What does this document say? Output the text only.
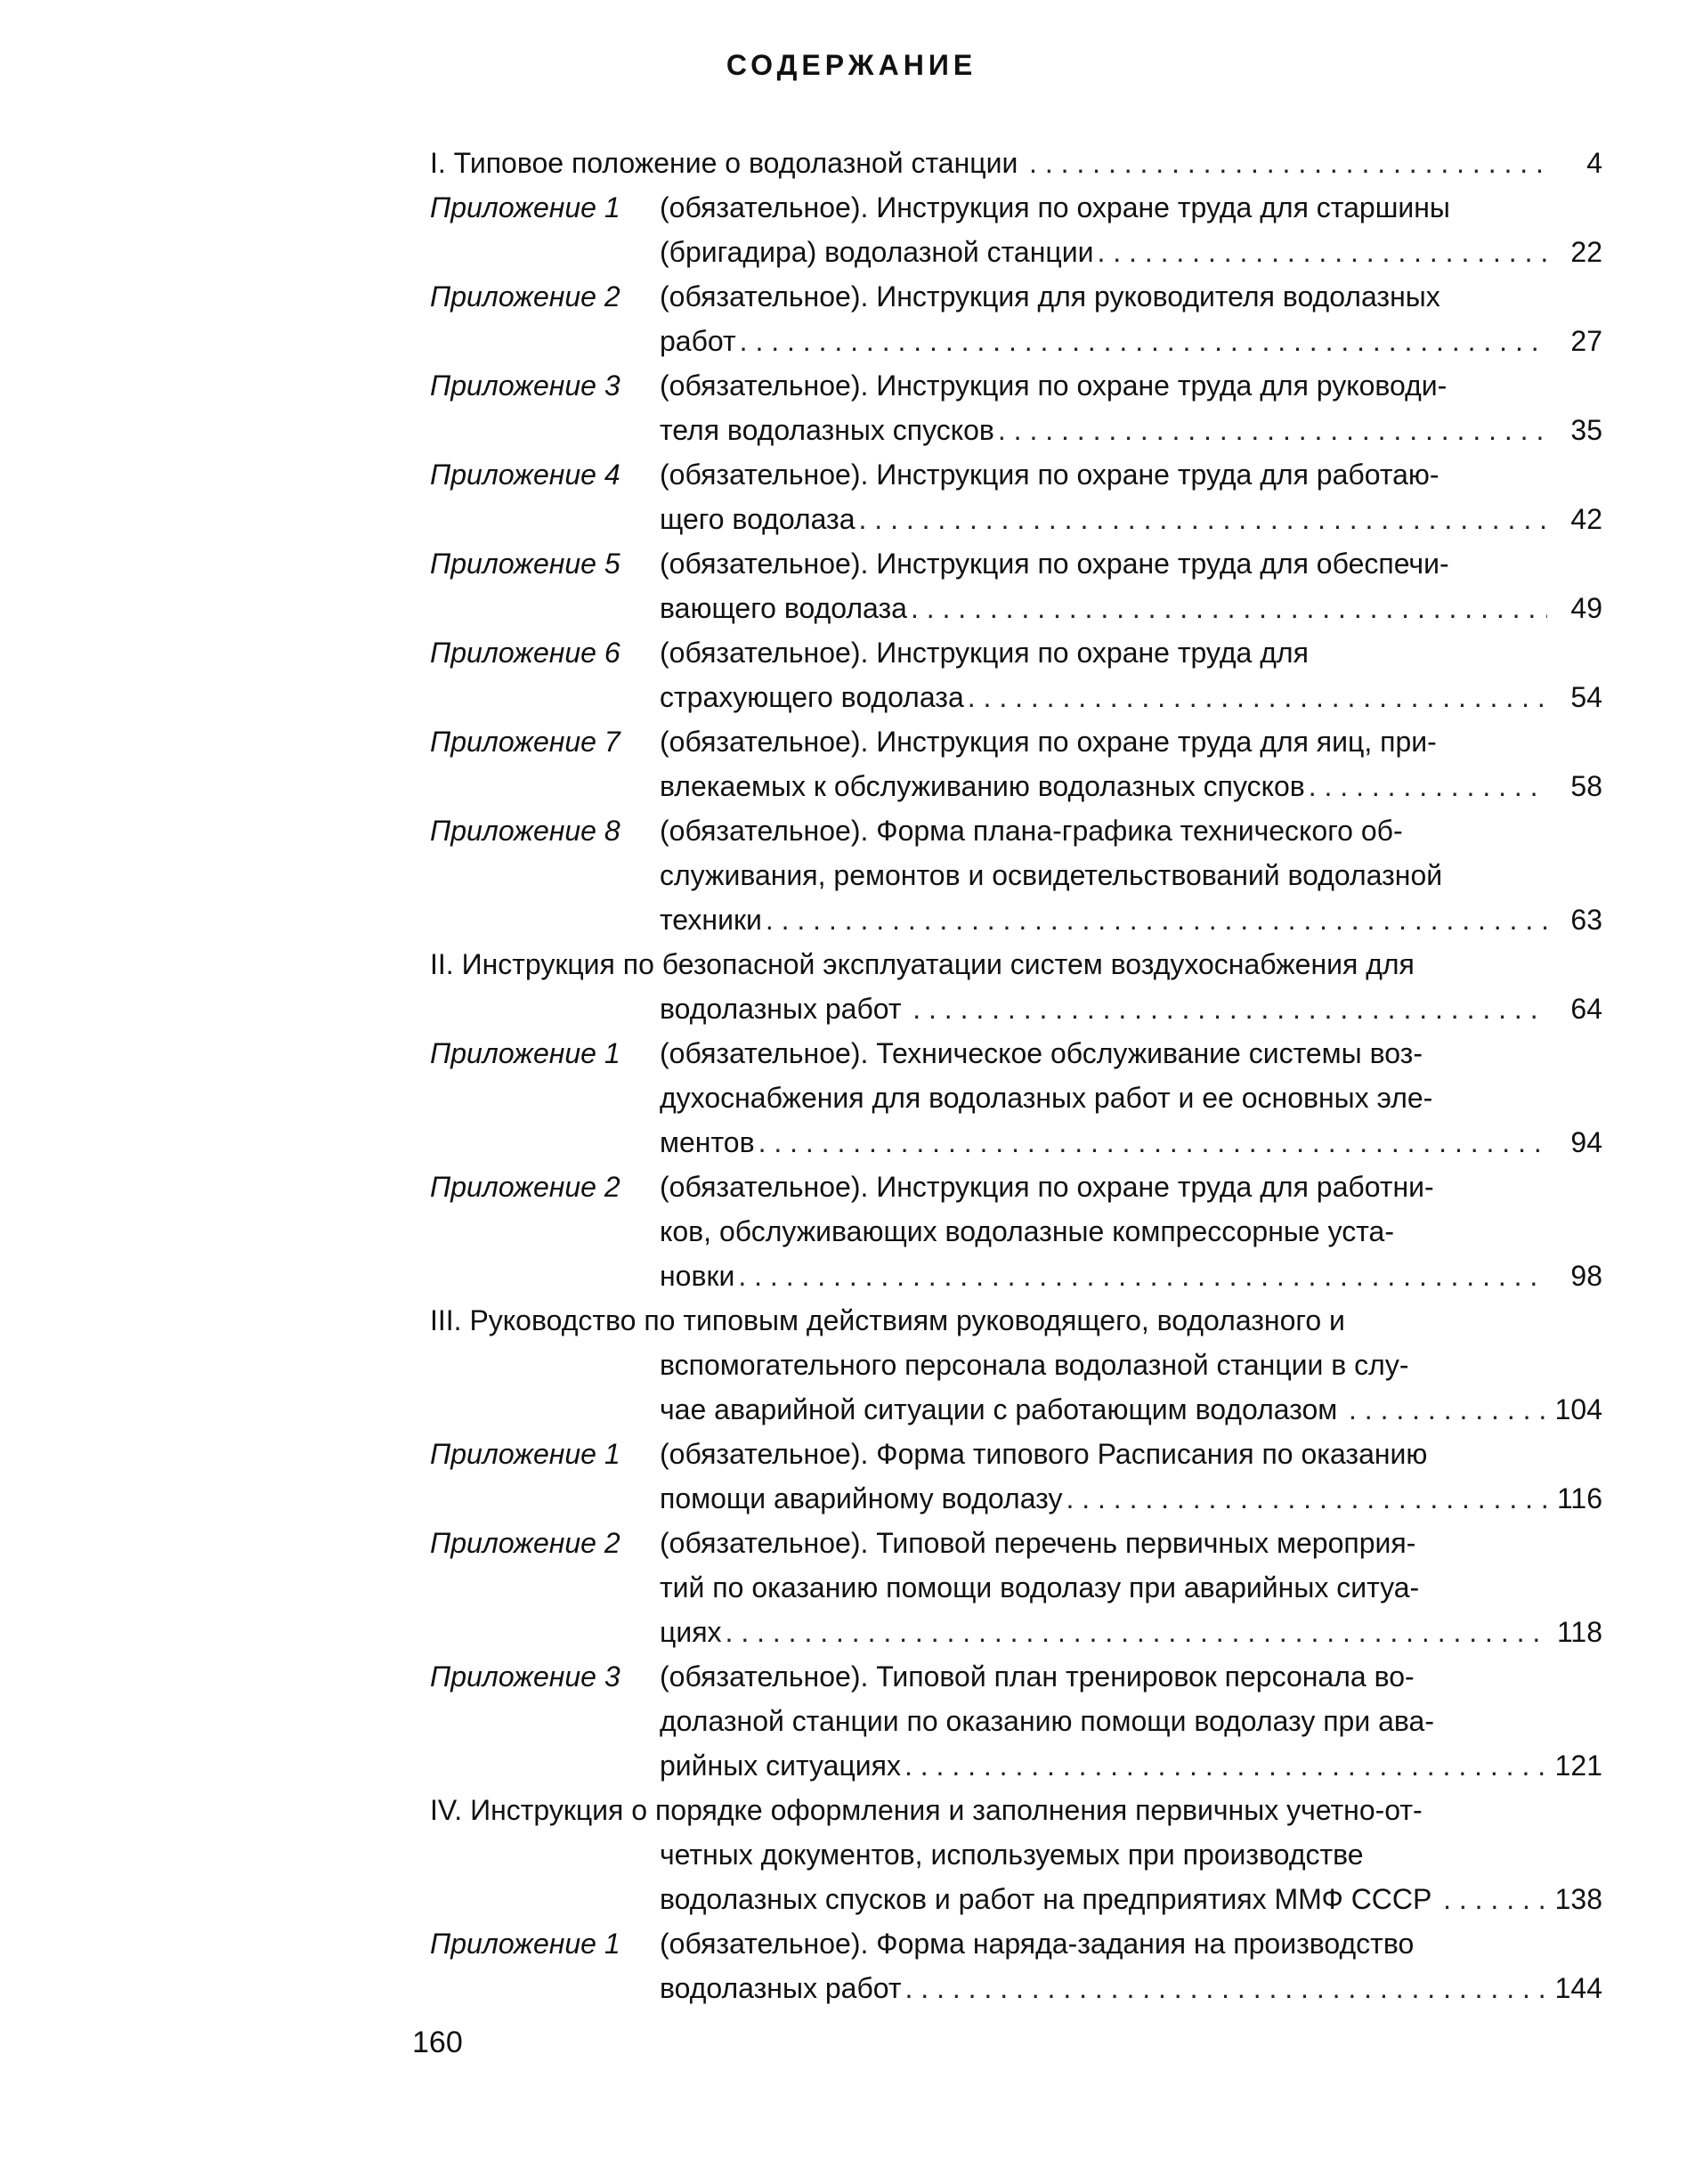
СОДЕРЖАНИЕ
I. Типовое положение о водолазной станции . . .	4
Приложение 1 (обязательное). Инструкция по охране труда для старшины
(бригадира) водолазной станции . . .	22
Приложение 2 (обязательное). Инструкция для руководителя водолазных
работ . . .	27
Приложение 3 (обязательное). Инструкция по охране труда для руководи-
теля водолазных спусков . . .	35
Приложение 4 (обязательное). Инструкция по охране труда для работаю-
щего водолаза . . .	42
Приложение 5 (обязательное). Инструкция по охране труда для обеспечи-
вающего водолаза . . .	49
Приложение 6 (обязательное). Инструкция по охране труда для
страхующего водолаза . . .	54
Приложение 7 (обязательное). Инструкция по охране труда для яиц, при-
влекаемых к обслуживанию водолазных спусков . . .	58
Приложение 8 (обязательное). Форма плана-графика технического об-
служивания, ремонтов и освидетельствований водолазной
техники . . .	63
II. Инструкция по безопасной эксплуатации систем воздухоснабжения для
водолазных работ . . .	64
Приложение 1 (обязательное). Техническое обслуживание системы воз-
духоснабжения для водолазных работ и ее основных эле-
ментов . . .	94
Приложение 2 (обязательное). Инструкция по охране труда для работни-
ков, обслуживающих водолазные компрессорные уста-
новки . . .	98
III. Руководство по типовым действиям руководящего, водолазного и
вспомогательного персонала водолазной станции в слу-
чае аварийной ситуации с работающим водолазом . . .	104
Приложение 1 (обязательное). Форма типового Расписания по оказанию
помощи аварийному водолазу . . .	116
Приложение 2 (обязательное). Типовой перечень первичных мероприя-
тий по оказанию помощи водолазу при аварийных ситуа-
циях . . .	118
Приложение 3 (обязательное). Типовой план тренировок персонала во-
долазной станции по оказанию помощи водолазу при ава-
рийных ситуациях . . .	121
IV. Инструкция о порядке оформления и заполнения первичных учетно-от-
четных документов, используемых при производстве
водолазных спусков и работ на предприятиях ММФ СССР . . .	138
Приложение 1 (обязательное). Форма наряда-задания на производство
водолазных работ . . .	144
160
